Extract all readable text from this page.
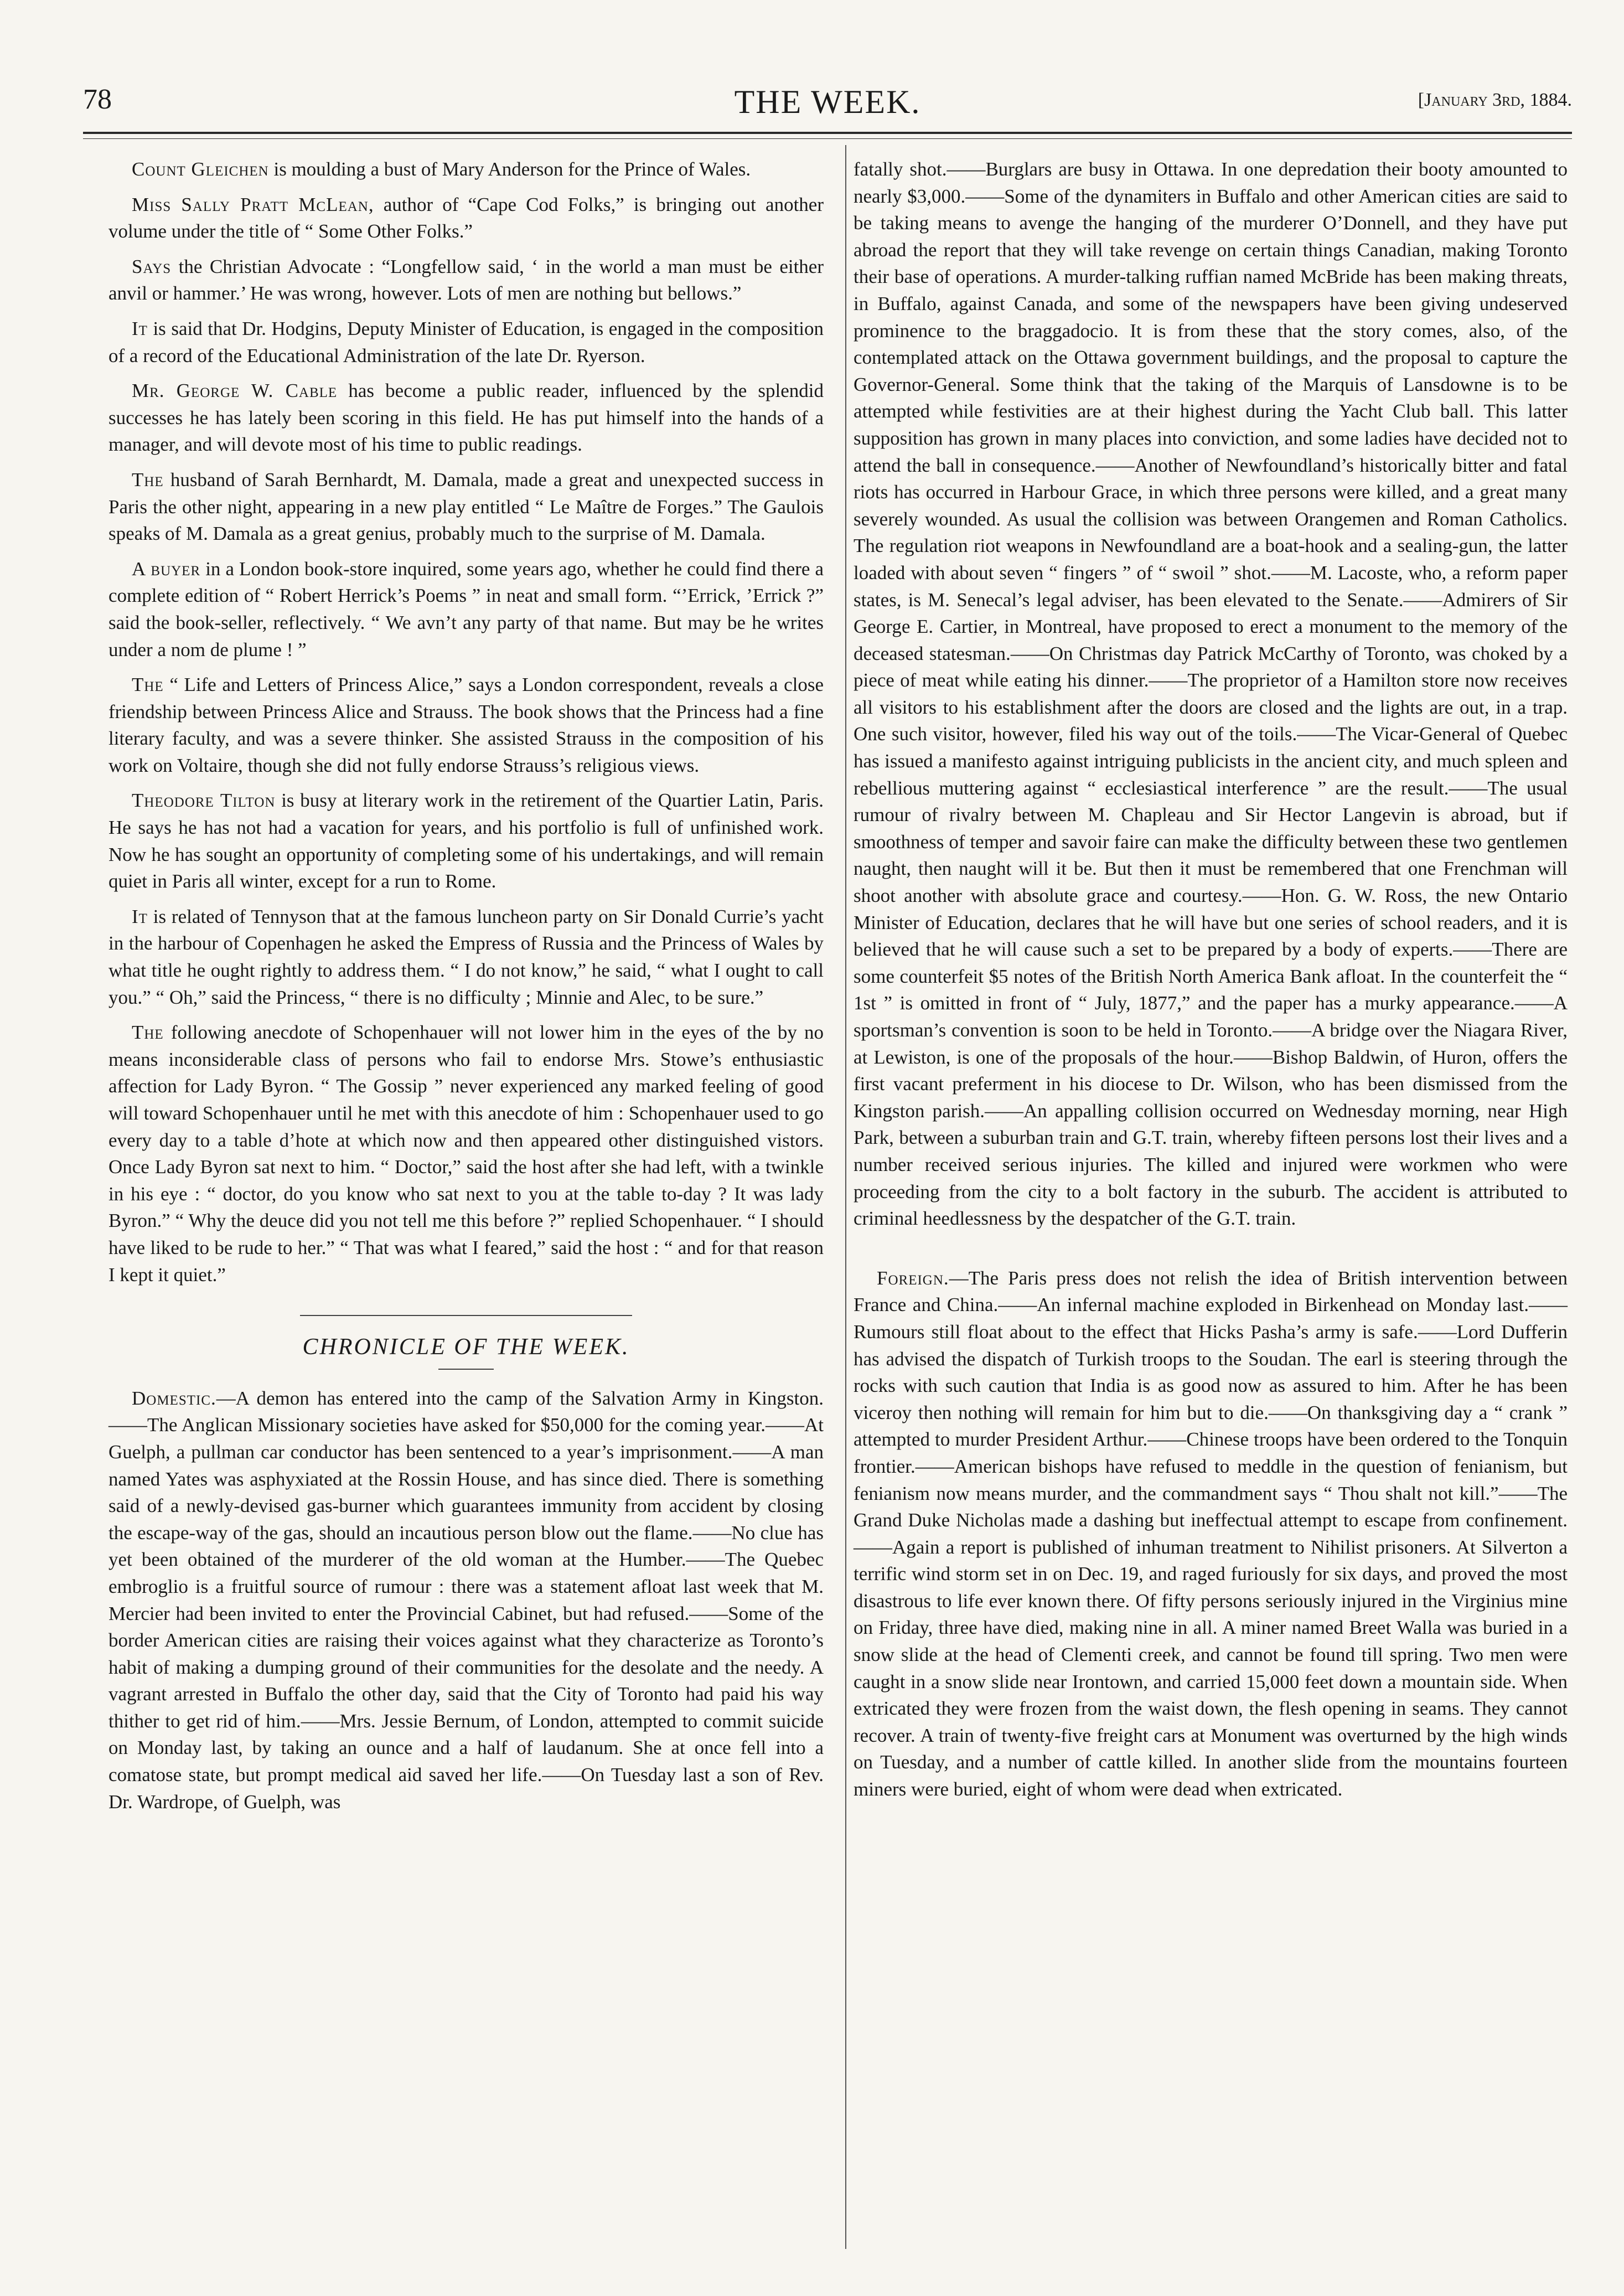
78	THE WEEK.	[January 3rd, 1884.

Count Gleichen is moulding a bust of Mary Anderson for the Prince of Wales.

Miss Sally Pratt McLean, author of “Cape Cod Folks,” is bringing out another volume under the title of “ Some Other Folks.”

Says the Christian Advocate : “Longfellow said, ‘ in the world a man must be either anvil or hammer.’ He was wrong, however. Lots of men are nothing but bellows.”

It is said that Dr. Hodgins, Deputy Minister of Education, is engaged in the composition of a record of the Educational Administration of the late Dr. Ryerson.

Mr. George W. Cable has become a public reader, influenced by the splendid successes he has lately been scoring in this field. He has put himself into the hands of a manager, and will devote most of his time to public readings.

The husband of Sarah Bernhardt, M. Damala, made a great and unexpected success in Paris the other night, appearing in a new play entitled “ Le Maître de Forges.” The Gaulois speaks of M. Damala as a great genius, probably much to the surprise of M. Damala.

A buyer in a London book-store inquired, some years ago, whether he could find there a complete edition of “ Robert Herrick’s Poems ” in neat and small form. “’Errick, ’Errick ?” said the book-seller, reflectively. “ We avn’t any party of that name. But may be he writes under a nom de plume ! ”

The “ Life and Letters of Princess Alice,” says a London correspondent, reveals a close friendship between Princess Alice and Strauss. The book shows that the Princess had a fine literary faculty, and was a severe thinker. She assisted Strauss in the composition of his work on Voltaire, though she did not fully endorse Strauss’s religious views.

Theodore Tilton is busy at literary work in the retirement of the Quartier Latin, Paris. He says he has not had a vacation for years, and his portfolio is full of unfinished work. Now he has sought an opportunity of completing some of his undertakings, and will remain quiet in Paris all winter, except for a run to Rome.

It is related of Tennyson that at the famous luncheon party on Sir Donald Currie’s yacht in the harbour of Copenhagen he asked the Empress of Russia and the Princess of Wales by what title he ought rightly to address them. “ I do not know,” he said, “ what I ought to call you.” “ Oh,” said the Princess, “ there is no difficulty ; Minnie and Alec, to be sure.”

The following anecdote of Schopenhauer will not lower him in the eyes of the by no means inconsiderable class of persons who fail to endorse Mrs. Stowe’s enthusiastic affection for Lady Byron. “ The Gossip ” never experienced any marked feeling of good will toward Schopenhauer until he met with this anecdote of him : Schopenhauer used to go every day to a table d’hote at which now and then appeared other distinguished vistors. Once Lady Byron sat next to him. “ Doctor,” said the host after she had left, with a twinkle in his eye : “ doctor, do you know who sat next to you at the table to-day ? It was lady Byron.” “ Why the deuce did you not tell me this before ?” replied Schopenhauer. “ I should have liked to be rude to her.” “ That was what I feared,” said the host : “ and for that reason I kept it quiet.”

CHRONICLE OF THE WEEK.

Domestic.—A demon has entered into the camp of the Salvation Army in Kingston.——The Anglican Missionary societies have asked for $50,000 for the coming year.——At Guelph, a pullman car conductor has been sentenced to a year’s imprisonment.——A man named Yates was asphyxiated at the Rossin House, and has since died. There is something said of a newly-devised gas-burner which guarantees immunity from accident by closing the escape-way of the gas, should an incautious person blow out the flame.——No clue has yet been obtained of the murderer of the old woman at the Humber.——The Quebec embroglio is a fruitful source of rumour : there was a statement afloat last week that M. Mercier had been invited to enter the Provincial Cabinet, but had refused.——Some of the border American cities are raising their voices against what they characterize as Toronto’s habit of making a dumping ground of their communities for the desolate and the needy. A vagrant arrested in Buffalo the other day, said that the City of Toronto had paid his way thither to get rid of him.——Mrs. Jessie Bernum, of London, attempted to commit suicide on Monday last, by taking an ounce and a half of laudanum. She at once fell into a comatose state, but prompt medical aid saved her life.——On Tuesday last a son of Rev. Dr. Wardrope, of Guelph, was

fatally shot.——Burglars are busy in Ottawa. In one depredation their booty amounted to nearly $3,000.——Some of the dynamiters in Buffalo and other American cities are said to be taking means to avenge the hanging of the murderer O’Donnell, and they have put abroad the report that they will take revenge on certain things Canadian, making Toronto their base of operations. A murder-talking ruffian named McBride has been making threats, in Buffalo, against Canada, and some of the newspapers have been giving undeserved prominence to the braggadocio. It is from these that the story comes, also, of the contemplated attack on the Ottawa government buildings, and the proposal to capture the Governor-General. Some think that the taking of the Marquis of Lansdowne is to be attempted while festivities are at their highest during the Yacht Club ball. This latter supposition has grown in many places into conviction, and some ladies have decided not to attend the ball in consequence.——Another of Newfoundland’s historically bitter and fatal riots has occurred in Harbour Grace, in which three persons were killed, and a great many severely wounded. As usual the collision was between Orangemen and Roman Catholics. The regulation riot weapons in Newfoundland are a boat-hook and a sealing-gun, the latter loaded with about seven “ fingers ” of “ swoil ” shot.——M. Lacoste, who, a reform paper states, is M. Senecal’s legal adviser, has been elevated to the Senate.——Admirers of Sir George E. Cartier, in Montreal, have proposed to erect a monument to the memory of the deceased statesman.——On Christmas day Patrick McCarthy of Toronto, was choked by a piece of meat while eating his dinner.——The proprietor of a Hamilton store now receives all visitors to his establishment after the doors are closed and the lights are out, in a trap. One such visitor, however, filed his way out of the toils.——The Vicar-General of Quebec has issued a manifesto against intriguing publicists in the ancient city, and much spleen and rebellious muttering against “ ecclesiastical interference ” are the result.——The usual rumour of rivalry between M. Chapleau and Sir Hector Langevin is abroad, but if smoothness of temper and savoir faire can make the difficulty between these two gentlemen naught, then naught will it be. But then it must be remembered that one Frenchman will shoot another with absolute grace and courtesy.——Hon. G. W. Ross, the new Ontario Minister of Education, declares that he will have but one series of school readers, and it is believed that he will cause such a set to be prepared by a body of experts.——There are some counterfeit $5 notes of the British North America Bank afloat. In the counterfeit the “ 1st ” is omitted in front of “ July, 1877,” and the paper has a murky appearance.——A sportsman’s convention is soon to be held in Toronto.——A bridge over the Niagara River, at Lewiston, is one of the proposals of the hour.——Bishop Baldwin, of Huron, offers the first vacant preferment in his diocese to Dr. Wilson, who has been dismissed from the Kingston parish.——An appalling collision occurred on Wednesday morning, near High Park, between a suburban train and G.T. train, whereby fifteen persons lost their lives and a number received serious injuries. The killed and injured were workmen who were proceeding from the city to a bolt factory in the suburb. The accident is attributed to criminal heedlessness by the despatcher of the G.T. train.

Foreign.—The Paris press does not relish the idea of British intervention between France and China.——An infernal machine exploded in Birkenhead on Monday last.——Rumours still float about to the effect that Hicks Pasha’s army is safe.——Lord Dufferin has advised the dispatch of Turkish troops to the Soudan. The earl is steering through the rocks with such caution that India is as good now as assured to him. After he has been viceroy then nothing will remain for him but to die.——On thanksgiving day a “ crank ” attempted to murder President Arthur.——Chinese troops have been ordered to the Tonquin frontier.——American bishops have refused to meddle in the question of fenianism, but fenianism now means murder, and the commandment says “ Thou shalt not kill.”——The Grand Duke Nicholas made a dashing but ineffectual attempt to escape from confinement.——Again a report is published of inhuman treatment to Nihilist prisoners. At Silverton a terrific wind storm set in on Dec. 19, and raged furiously for six days, and proved the most disastrous to life ever known there. Of fifty persons seriously injured in the Virginius mine on Friday, three have died, making nine in all. A miner named Breet Walla was buried in a snow slide at the head of Clementi creek, and cannot be found till spring. Two men were caught in a snow slide near Irontown, and carried 15,000 feet down a mountain side. When extricated they were frozen from the waist down, the flesh opening in seams. They cannot recover. A train of twenty-five freight cars at Monument was overturned by the high winds on Tuesday, and a number of cattle killed. In another slide from the mountains fourteen miners were buried, eight of whom were dead when extricated.
